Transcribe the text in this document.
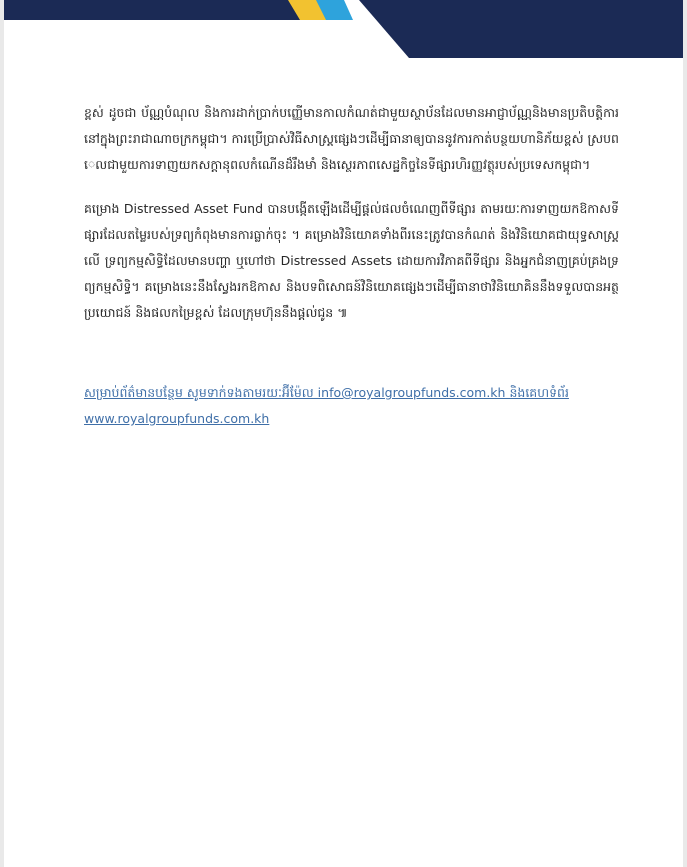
ខ្ពស់ ដូចជា ប័ណ្ណបំណុល និងការដាក់ប្រាក់បញ្ញើមានកាលកំណត់ជាមួយស្ថាប័នដែលមានអាជ្ញាប័ណ្ណនិងមានប្រតិបត្តិការនៅក្នុងព្រះរាជាណាចក្រកម្ពុជា។ ការប្រើប្រាស់វិធីសាស្ត្រផ្សេងៗដើម្បីធានាឲ្យបាននូវការកាត់បន្ថយហានិភ័យខ្ពស់ ស្របពេលជាមួយការទាញយកសក្តានុពលកំណើនដ៏រឹងមាំ និងស្ថេរភាពសេដ្ឋកិច្ចនៃទីផ្សារហិរញ្ញវត្ថុរបស់ប្រទេសកម្ពុជា។

គម្រោង Distressed Asset Fund បានបង្កើតឡើងដើម្បីផ្តល់ផលចំណេញពីទីផ្សារ តាមរយៈការទាញយកឱកាសទីផ្សារដែលតម្លៃរបស់ទ្រព្យកំពុងមានការធ្លាក់ចុះ ។ គម្រោងវិនិយោគទាំងពីរនេះត្រូវបានកំណត់ និងវិនិយោគជាយុទ្ធសាស្ត្រលើ ទ្រព្យកម្មសិទ្ធិដែលមានបញ្ហា ឬហៅថា Distressed Assets ដោយការវិភាគពីទីផ្សារ និងអ្នកជំនាញគ្រប់គ្រងទ្រព្យកម្មសិទ្ធិ។ គម្រោងនេះនឹងស្វែងរកឱកាស និងបទពិសោធន៍វិនិយោគផ្សេងៗដើម្បីធានាថាវិនិយោគិននឹងទទួលបានអត្ថប្រយោជន៍ និងផលកម្រៃខ្ពស់ ដែលក្រុមហ៊ុននឹងផ្តល់ជូន ៕

សម្រាប់ព័ត៌មានបន្ថែម សូមទាក់ទងតាមរយៈអ៊ីម៉ែល info@royalgroupfunds.com.kh និងគេហទំព័រ
www.royalgroupfunds.com.kh
